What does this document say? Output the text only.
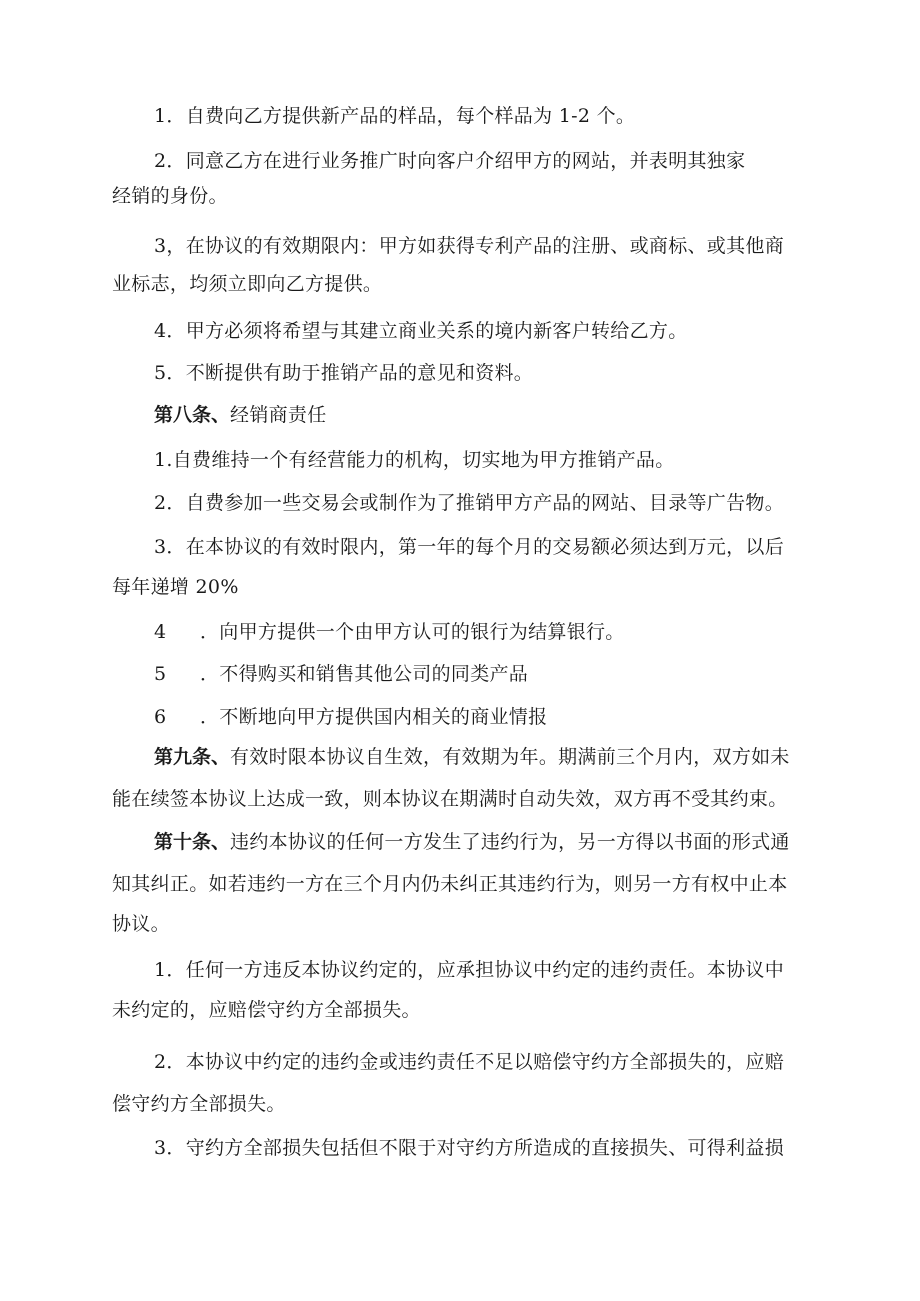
1．自费向乙方提供新产品的样品，每个样品为 1-2 个。
2．同意乙方在进行业务推广时向客户介绍甲方的网站，并表明其独家
经销的身份。
3，在协议的有效期限内：甲方如获得专利产品的注册、或商标、或其他商
业标志，均须立即向乙方提供。
4．甲方必须将希望与其建立商业关系的境内新客户转给乙方。
5．不断提供有助于推销产品的意见和资料。
第八条、经销商责任
1.自费维持一个有经营能力的机构，切实地为甲方推销产品。
2．自费参加一些交易会或制作为了推销甲方产品的网站、目录等广告物。
3．在本协议的有效时限内，第一年的每个月的交易额必须达到万元，以后
每年递增 20%
4 ．向甲方提供一个由甲方认可的银行为结算银行。
5 ．不得购买和销售其他公司的同类产品
6 ．不断地向甲方提供国内相关的商业情报
第九条、有效时限本协议自生效，有效期为年。期满前三个月内，双方如未
能在续签本协议上达成一致，则本协议在期满时自动失效，双方再不受其约束。
第十条、违约本协议的任何一方发生了违约行为，另一方得以书面的形式通
知其纠正。如若违约一方在三个月内仍未纠正其违约行为，则另一方有权中止本
协议。
1．任何一方违反本协议约定的，应承担协议中约定的违约责任。本协议中
未约定的，应赔偿守约方全部损失。
2．本协议中约定的违约金或违约责任不足以赔偿守约方全部损失的，应赔
偿守约方全部损失。
3．守约方全部损失包括但不限于对守约方所造成的直接损失、可得利益损
